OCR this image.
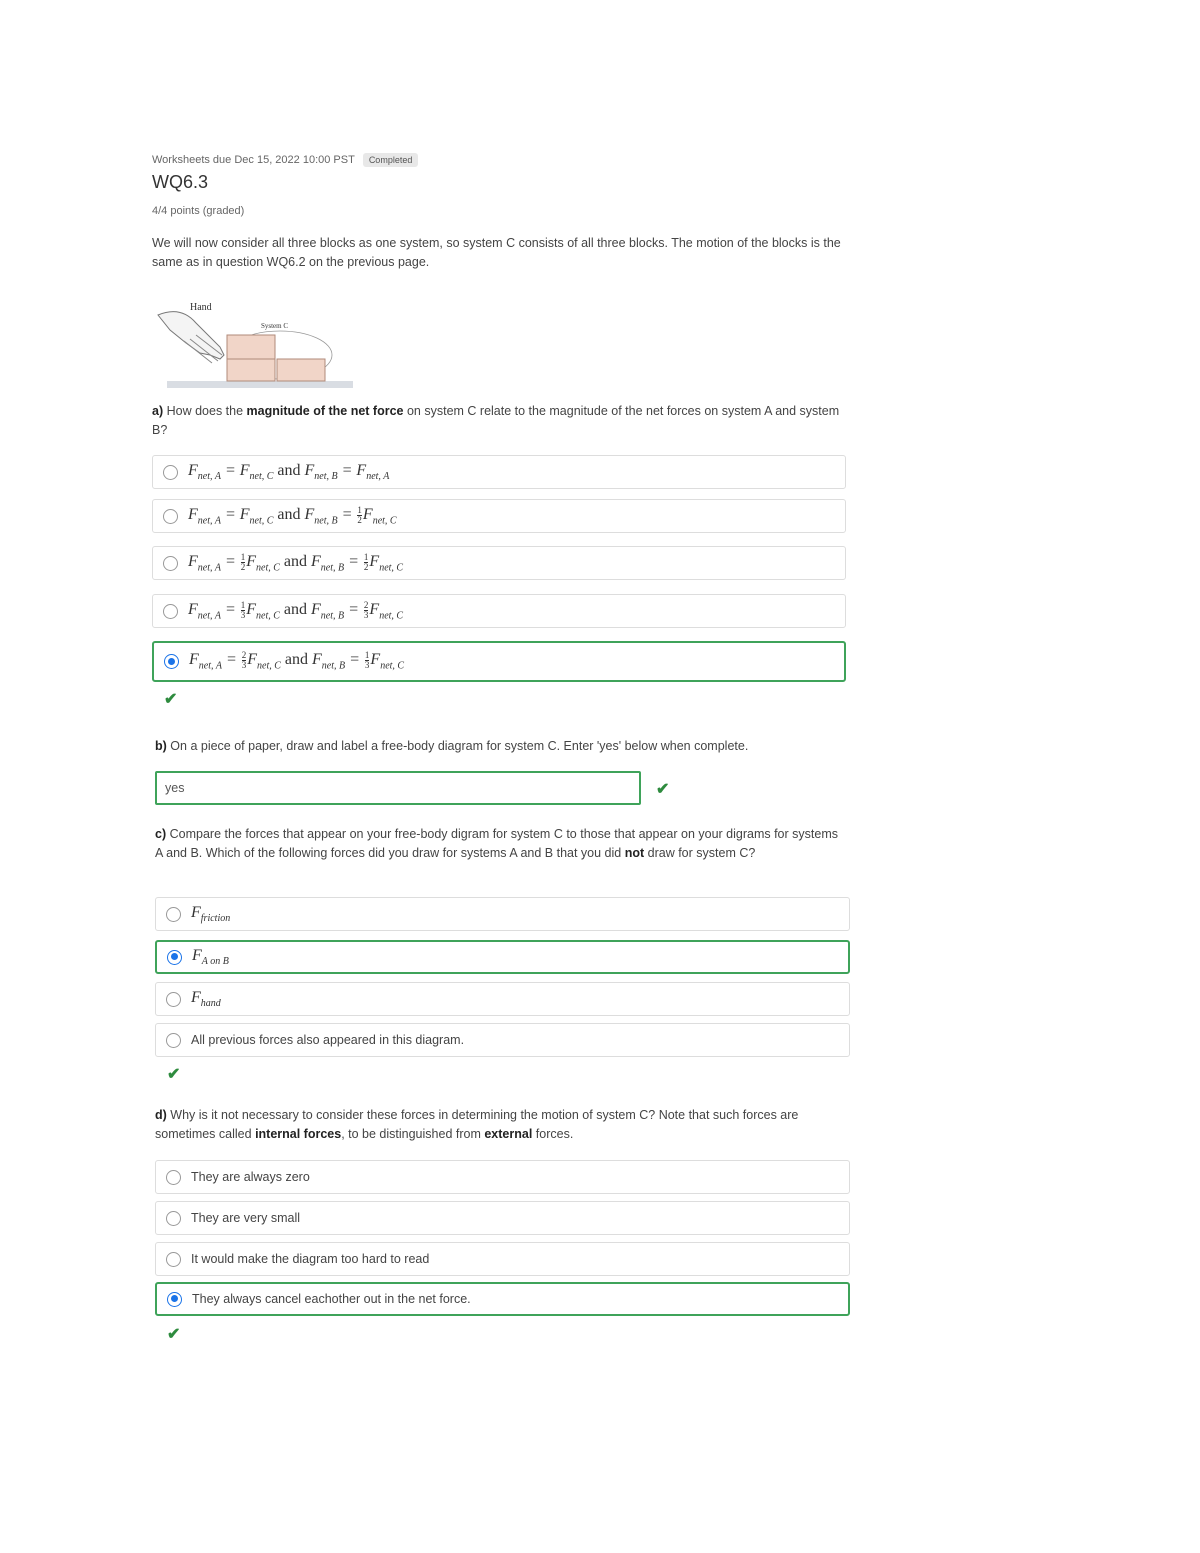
Worksheets due Dec 15, 2022 10:00 PST	Completed
WQ6.3
4/4 points (graded)
We will now consider all three blocks as one system, so system C consists of all three blocks. The motion of the blocks is the same as in question WQ6.2 on the previous page.
Hand
System C
a) How does the magnitude of the net force on system C relate to the magnitude of the net forces on system A and system B?
$F_{net, A} = F_{net, C}$ and $F_{net, B} = F_{net, A}$
$F_{net, A} = F_{net, C}$ and $F_{net, B} = \frac{1}{2} F_{net, C}$
$F_{net, A} = \frac{1}{2} F_{net, C}$ and $F_{net, B} = \frac{1}{2} F_{net, C}$
$F_{net, A} = \frac{1}{3} F_{net, C}$ and $F_{net, B} = \frac{2}{3} F_{net, C}$
$F_{net, A} = \frac{2}{3} F_{net, C}$ and $F_{net, B} = \frac{1}{3} F_{net, C}$
✔
b) On a piece of paper, draw and label a free-body diagram for system C. Enter 'yes' below when complete.
yes	✔
c) Compare the forces that appear on your free-body digram for system C to those that appear on your digrams for systems A and B. Which of the following forces did you draw for systems A and B that you did not draw for system C?
$F_{friction}$
$F_{A on B}$
$F_{hand}$
All previous forces also appeared in this diagram.
✔
d) Why is it not necessary to consider these forces in determining the motion of system C? Note that such forces are sometimes called internal forces, to be distinguished from external forces.
They are always zero
They are very small
It would make the diagram too hard to read
They always cancel eachother out in the net force.
✔
